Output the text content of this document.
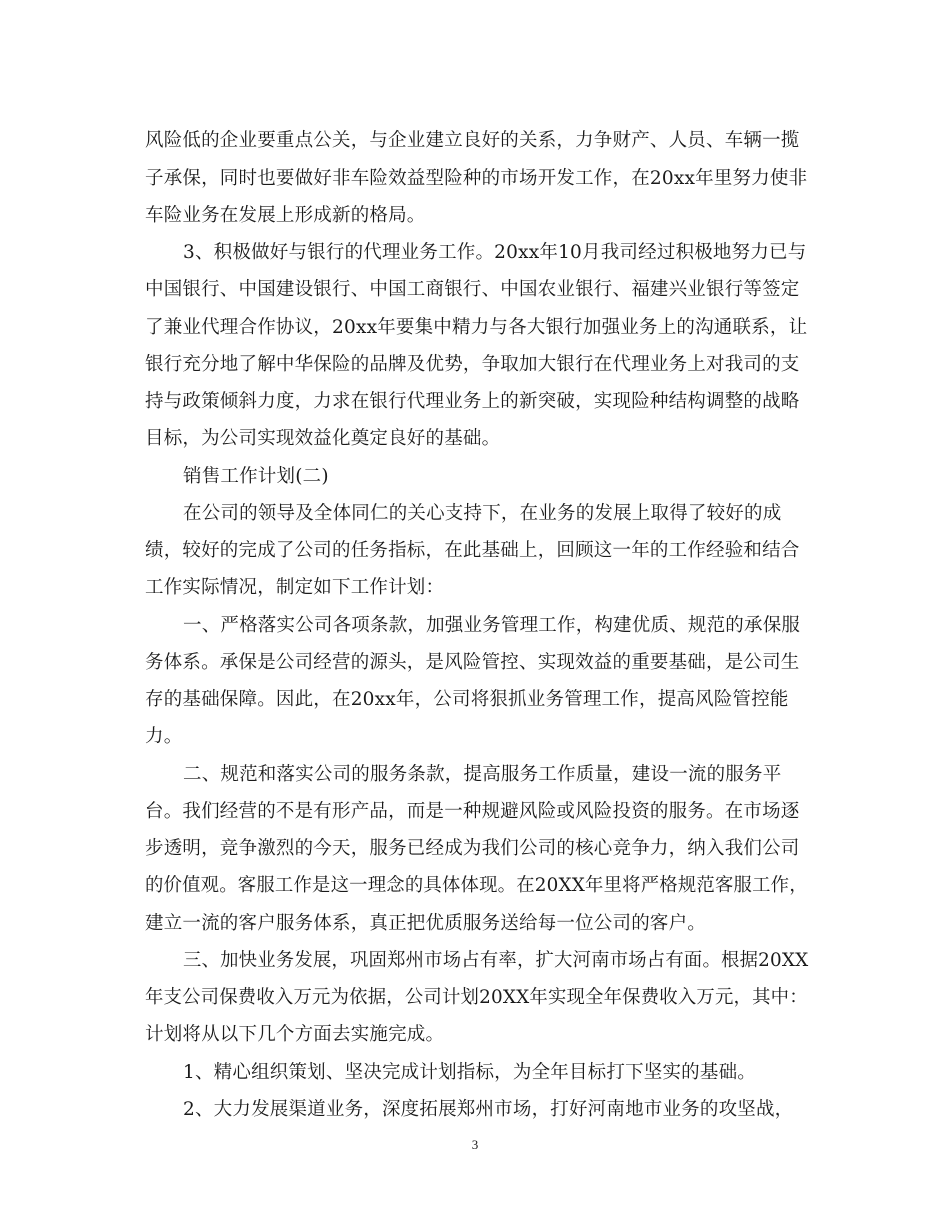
风险低的企业要重点公关，与企业建立良好的关系，力争财产、人员、车辆一揽
子承保，同时也要做好非车险效益型险种的市场开发工作，在20xx年里努力使非
车险业务在发展上形成新的格局。
3、积极做好与银行的代理业务工作。20xx年10月我司经过积极地努力已与
中国银行、中国建设银行、中国工商银行、中国农业银行、福建兴业银行等签定
了兼业代理合作协议，20xx年要集中精力与各大银行加强业务上的沟通联系，让
银行充分地了解中华保险的品牌及优势，争取加大银行在代理业务上对我司的支
持与政策倾斜力度，力求在银行代理业务上的新突破，实现险种结构调整的战略
目标，为公司实现效益化奠定良好的基础。
销售工作计划(二)
在公司的领导及全体同仁的关心支持下，在业务的发展上取得了较好的成
绩，较好的完成了公司的任务指标，在此基础上，回顾这一年的工作经验和结合
工作实际情况，制定如下工作计划：
一、严格落实公司各项条款，加强业务管理工作，构建优质、规范的承保服
务体系。承保是公司经营的源头，是风险管控、实现效益的重要基础，是公司生
存的基础保障。因此，在20xx年，公司将狠抓业务管理工作，提高风险管控能
力。
二、规范和落实公司的服务条款，提高服务工作质量，建设一流的服务平
台。我们经营的不是有形产品，而是一种规避风险或风险投资的服务。在市场逐
步透明，竞争激烈的今天，服务已经成为我们公司的核心竞争力，纳入我们公司
的价值观。客服工作是这一理念的具体体现。在20XX年里将严格规范客服工作，
建立一流的客户服务体系，真正把优质服务送给每一位公司的客户。
三、加快业务发展，巩固郑州市场占有率，扩大河南市场占有面。根据20XX
年支公司保费收入万元为依据，公司计划20XX年实现全年保费收入万元，其中：
计划将从以下几个方面去实施完成。
1、精心组织策划、坚决完成计划指标，为全年目标打下坚实的基础。
2、大力发展渠道业务，深度拓展郑州市场，打好河南地市业务的攻坚战，
3
